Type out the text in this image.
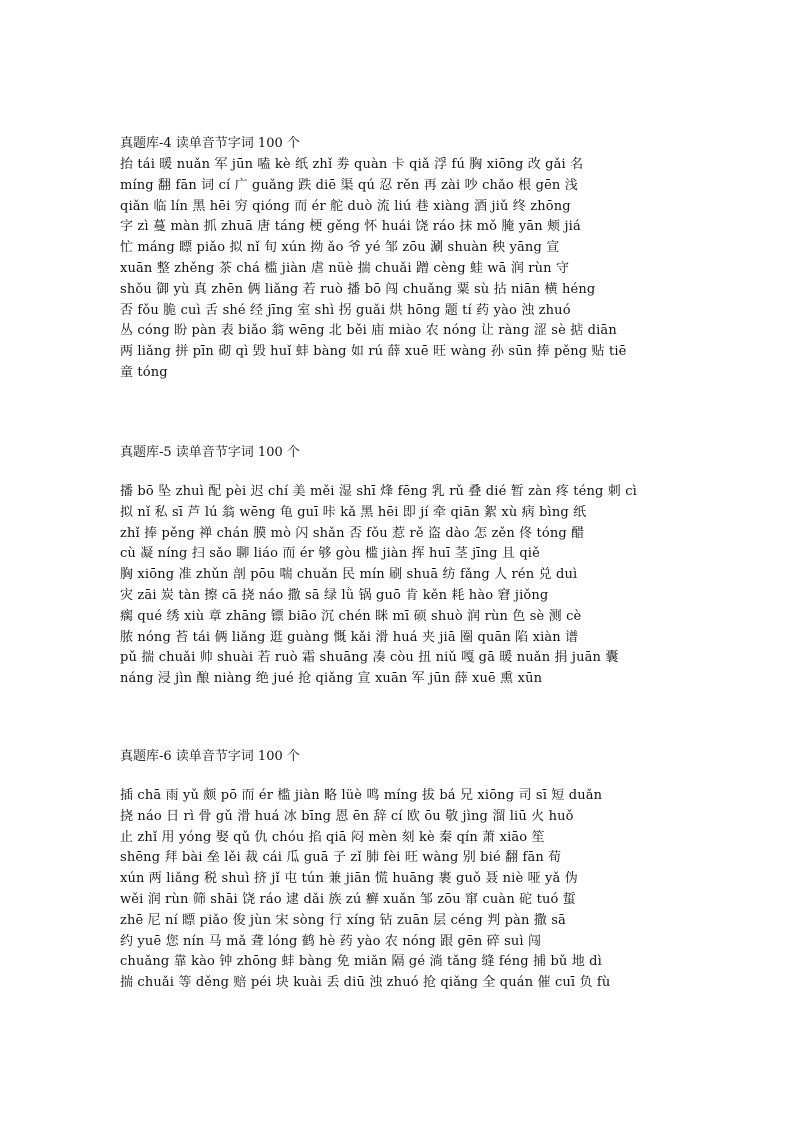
真题库-4 读单音节字词 100 个
抬 tái 暖 nuǎn 军 jūn 嗑 kè 纸 zhǐ 劵 quàn 卡 qiǎ 浮 fú 胸 xiōng 改 gǎi 名
míng 翻 fān 词 cí 广 guǎng 跌 diē 渠 qú 忍 rěn 再 zài 吵 chǎo 根 gēn 浅
qiǎn 临 lín 黑 hēi 穷 qióng 而 ér 舵 duò 流 liú 巷 xiàng 酒 jiǔ 终 zhōng
字 zì 蔓 màn 抓 zhuā 唐 táng 梗 gěng 怀 huái 饶 ráo 抹 mǒ 腌 yān 颊 jiá
忙 máng 瞟 piǎo 拟 nǐ 旬 xún 拗 ǎo 爷 yé 邹 zōu 涮 shuàn 秧 yāng 宣
xuān 整 zhěng 茶 chá 槛 jiàn 虐 nüè 揣 chuǎi 蹭 cèng 蛙 wā 润 rùn 守
shǒu 御 yù 真 zhēn 俩 liǎng 若 ruò 播 bō 闯 chuǎng 粟 sù 拈 niān 横 héng
否 fǒu 脆 cuì 舌 shé 经 jīng 室 shì 拐 guǎi 烘 hōng 题 tí 药 yào 浊 zhuó
丛 cóng 盼 pàn 表 biǎo 翁 wēng 北 běi 庙 miào 农 nóng 让 ràng 涩 sè 掂 diān
两 liǎng 拼 pīn 砌 qì 毁 huǐ 蚌 bàng 如 rú 薛 xuē 旺 wàng 孙 sūn 捧 pěng 贴 tiē
童 tóng
真题库-5 读单音节字词 100 个
播 bō 坠 zhuì 配 pèi 迟 chí 美 měi 湿 shī 烽 fēng 乳 rǔ 叠 dié 暂 zàn 疼 téng 刺 cì
拟 nǐ 私 sī 芦 lú 翁 wēng 龟 guī 咔 kǎ 黑 hēi 即 jí 牵 qiān 絮 xù 病 bìng 纸
zhǐ 捧 pěng 禅 chán 膜 mò 闪 shǎn 否 fǒu 惹 rě 盗 dào 怎 zěn 佟 tóng 醋
cù 凝 níng 扫 sǎo 聊 liáo 而 ér 够 gòu 槛 jiàn 挥 huī 茎 jīng 且 qiě
胸 xiōng 准 zhǔn 剖 pōu 喘 chuǎn 民 mín 刷 shuā 纺 fǎng 人 rén 兑 duì
灾 zāi 炭 tàn 擦 cā 挠 náo 撒 sā 绿 lǜ 锅 guō 肯 kěn 耗 hào 窘 jiǒng
瘸 qué 绣 xiù 章 zhāng 镖 biāo 沉 chén 眯 mī 硕 shuò 润 rùn 色 sè 测 cè
脓 nóng 苔 tái 俩 liǎng 逛 guàng 慨 kǎi 滑 huá 夹 jiā 圈 quān 陷 xiàn 谱
pǔ 揣 chuǎi 帅 shuài 若 ruò 霜 shuāng 凑 còu 扭 niǔ 嘎 gā 暖 nuǎn 捐 juān 囊
náng 浸 jìn 酿 niàng 绝 jué 抢 qiǎng 宣 xuān 军 jūn 薛 xuē 熏 xūn
真题库-6 读单音节字词 100 个
插 chā 雨 yǔ 颇 pō 而 ér 槛 jiàn 略 lüè 鸣 míng 拔 bá 兄 xiōng 司 sī 短 duǎn
挠 náo 日 rì 骨 gǔ 滑 huá 冰 bīng 恩 ēn 辞 cí 欧 ōu 敬 jìng 溜 liū 火 huǒ
止 zhǐ 用 yóng 娶 qǔ 仇 chóu 掐 qiā 闷 mèn 刻 kè 秦 qín 萧 xiāo 笙
shēng 拜 bài 垒 lěi 裁 cái 瓜 guā 子 zǐ 肺 fèi 旺 wàng 别 bié 翻 fān 荀
xún 两 liǎng 税 shuì 挤 jǐ 屯 tún 兼 jiān 慌 huāng 裹 guǒ 聂 niè 哑 yǎ 伪
wěi 润 rùn 筛 shāi 饶 ráo 逮 dǎi 族 zú 癣 xuǎn 邹 zōu 窜 cuàn 砣 tuó 蜇
zhē 尼 ní 瞟 piǎo 俊 jùn 宋 sòng 行 xíng 钻 zuān 层 céng 判 pàn 撒 sā
约 yuē 您 nín 马 mǎ 聋 lóng 鹤 hè 药 yào 农 nóng 跟 gēn 碎 suì 闯
chuǎng 靠 kào 钟 zhōng 蚌 bàng 免 miǎn 隔 gé 淌 tǎng 缝 féng 捕 bǔ 地 dì
揣 chuǎi 等 děng 赔 péi 块 kuài 丢 diū 浊 zhuó 抢 qiǎng 全 quán 催 cuī 负 fù
